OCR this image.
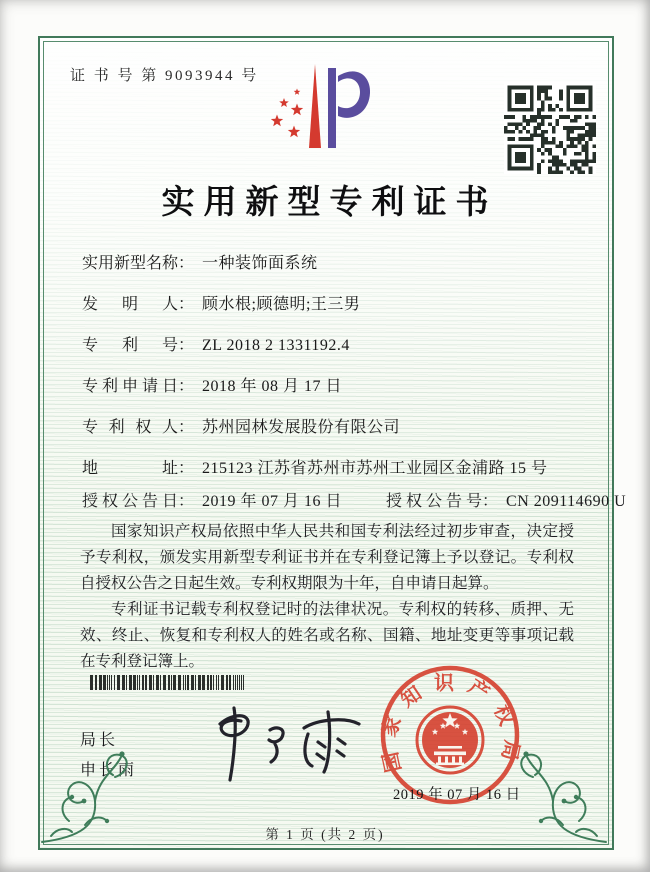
证 书 号 第 9093944 号
实用新型专利证书
实用新型名称： 一种装饰面系统
发明人： 顾水根;顾德明;王三男
专利号： ZL 2018 2 1331192.4
专利申请日： 2018 年 08 月 17 日
专利权人： 苏州园林发展股份有限公司
地址： 215123 江苏省苏州市苏州工业园区金浦路 15 号
授权公告日： 2019 年 07 月 16 日	授权公告号： CN 209114690 U

国家知识产权局依照中华人民共和国专利法经过初步审查，决定授予专利权，颁发实用新型专利证书并在专利登记簿上予以登记。专利权自授权公告之日起生效。专利权期限为十年，自申请日起算。

专利证书记载专利权登记时的法律状况。专利权的转移、质押、无效、终止、恢复和专利权人的姓名或名称、国籍、地址变更等事项记载在专利登记簿上。

局长
申长雨	国家知识产权局
2019 年 07 月 16 日
第 1 页 (共 2 页)
